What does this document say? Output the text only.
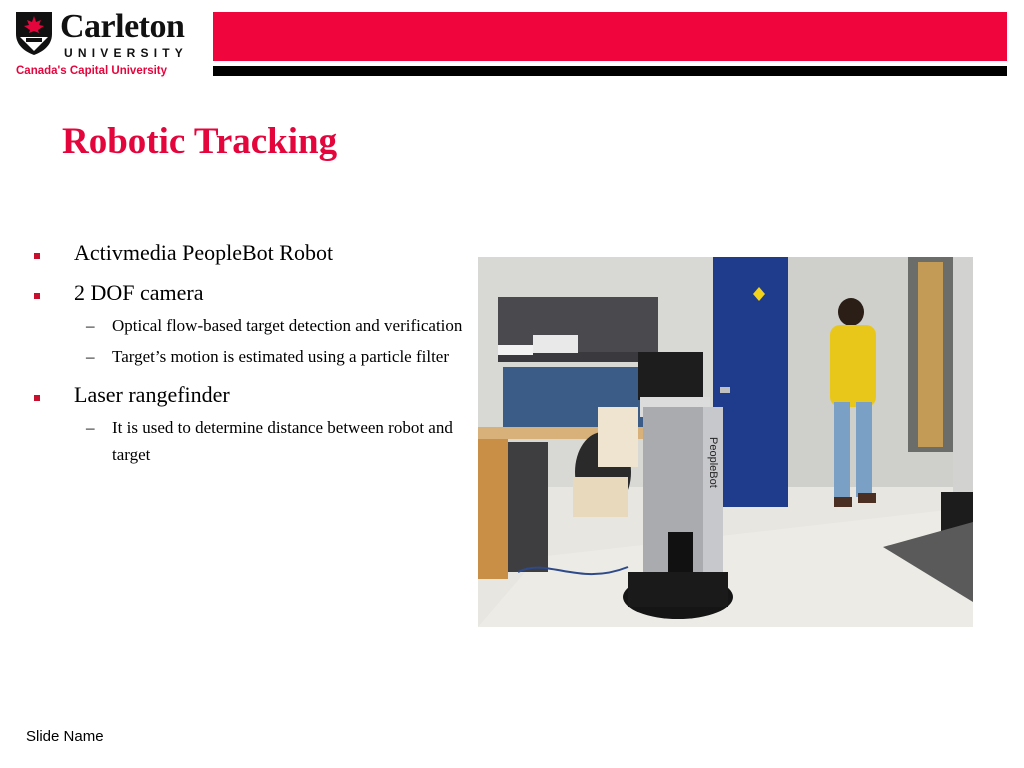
Carleton
UNIVERSITY
Canada's Capital University
Robotic Tracking
Activmedia PeopleBot Robot
2 DOF camera
– Optical flow-based target detection and verification
– Target’s motion is estimated using a particle filter
Laser rangefinder
– It is used to determine distance between robot and target	PeopleBot
Slide Name
